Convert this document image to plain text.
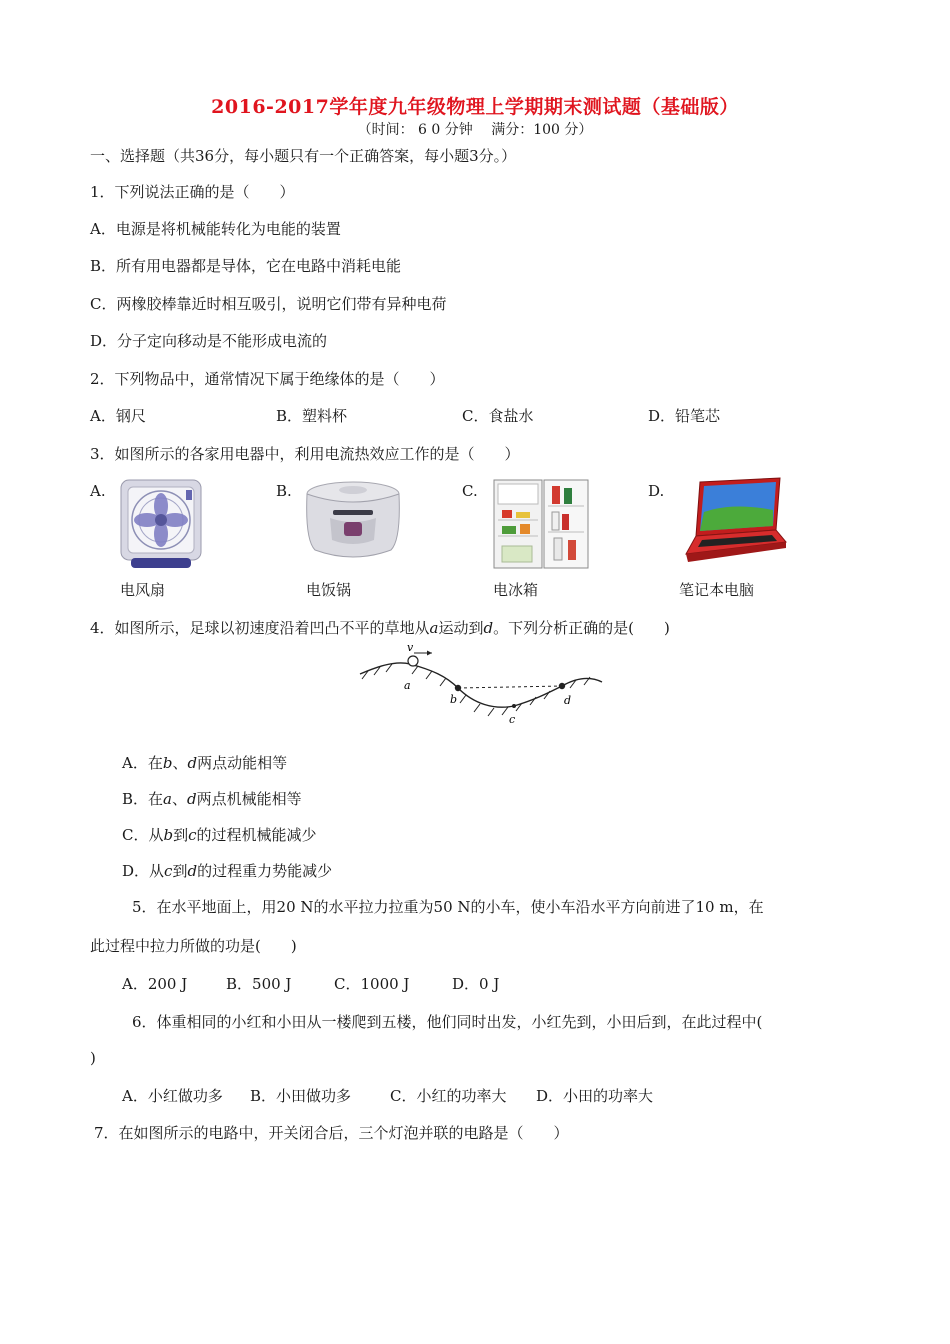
2016-2017学年度九年级物理上学期期末测试题（基础版）
（时间： 6 0 分钟　 满分：100 分）
一、选择题（共36分，每小题只有一个正确答案，每小题3分。）
1．下列说法正确的是（　　）
A．电源是将机械能转化为电能的装置
B．所有用电器都是导体，它在电路中消耗电能
C．两橡胶棒靠近时相互吸引，说明它们带有异种电荷
D．分子定向移动是不能形成电流的
2．下列物品中，通常情况下属于绝缘体的是（　　）
A．钢尺	B．塑料杯	C．食盐水	D．铅笔芯
3．如图所示的各家用电器中，利用电流热效应工作的是（　　）
A.	B.	C.	D.
电风扇	电饭锅	电冰箱	笔记本电脑
4．如图所示，足球以初速度沿着凹凸不平的草地从a运动到d。下列分析正确的是(　　)
v
a
b
c
d
A．在b、d两点动能相等
B．在a、d两点机械能相等
C．从b到c的过程机械能减少
D．从c到d的过程重力势能减少
5．在水平地面上，用20 N的水平拉力拉重为50 N的小车，使小车沿水平方向前进了10 m，在
此过程中拉力所做的功是(　　)
A．200 J	B．500 J	C．1000 J	D．0 J
6．体重相同的小红和小田从一楼爬到五楼，他们同时出发，小红先到，小田后到，在此过程中(
)
A．小红做功多 B．小田做功多	C．小红的功率大 D．小田的功率大
7．在如图所示的电路中，开关闭合后，三个灯泡并联的电路是（　　）
